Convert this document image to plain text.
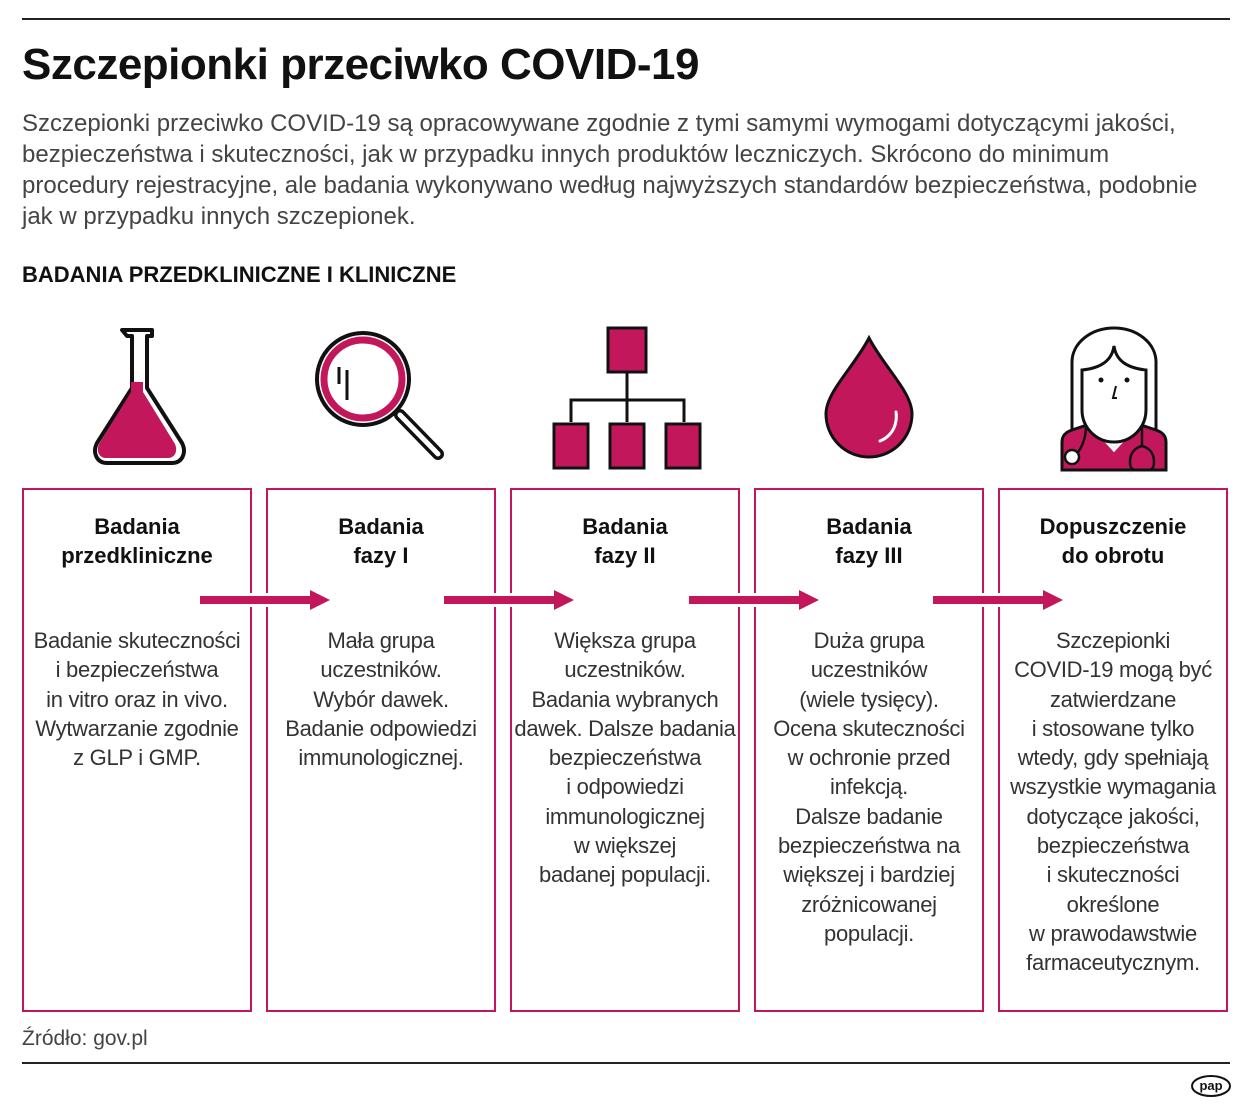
Szczepionki przeciwko COVID-19
Szczepionki przeciwko COVID-19 są opracowywane zgodnie z tymi samymi wymogami dotyczącymi jakości, bezpieczeństwa i skuteczności, jak w przypadku innych produktów leczniczych. Skrócono do minimum procedury rejestracyjne, ale badania wykonywano według najwyższych standardów bezpieczeństwa, podobnie jak w przypadku innych szczepionek.
BADANIA PRZEDKLINICZNE I KLINICZNE
Badania
przedkliniczne

Badanie skuteczności
i bezpieczeństwa
in vitro oraz in vivo.
Wytwarzanie zgodnie
z GLP i GMP.

Badania
fazy I

Mała grupa
uczestników.
Wybór dawek.
Badanie odpowiedzi
immunologicznej.

Badania
fazy II

Większa grupa
uczestników.
Badania wybranych
dawek. Dalsze badania
bezpieczeństwa
i odpowiedzi
immunologicznej
w większej
badanej populacji.

Badania
fazy III

Duża grupa
uczestników
(wiele tysięcy).
Ocena skuteczności
w ochronie przed
infekcją.
Dalsze badanie
bezpieczeństwa na
większej i bardziej
zróżnicowanej
populacji.

Dopuszczenie
do obrotu

Szczepionki
COVID-19 mogą być
zatwierdzane
i stosowane tylko
wtedy, gdy spełniają
wszystkie wymagania
dotyczące jakości,
bezpieczeństwa
i skuteczności
określone
w prawodawstwie
farmaceutycznym.

Źródło: gov.pl
pap
